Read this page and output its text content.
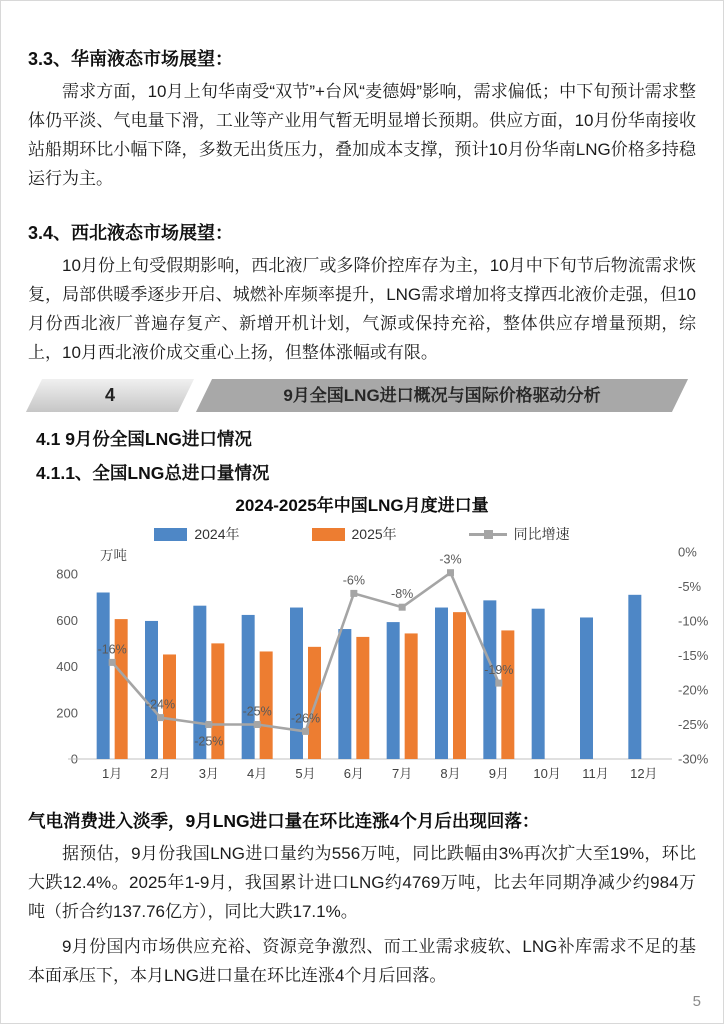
3.3、华南液态市场展望：

需求方面，10月上旬华南受“双节”+台风“麦德姆”影响，需求偏低；中下旬预计需求整体仍平淡、气电量下滑，工业等产业用气暂无明显增长预期。供应方面，10月份华南接收站船期环比小幅下降，多数无出货压力，叠加成本支撑，预计10月份华南LNG价格多持稳运行为主。

3.4、西北液态市场展望：

10月份上旬受假期影响，西北液厂或多降价控库存为主，10月中下旬节后物流需求恢复，局部供暖季逐步开启、城燃补库频率提升，LNG需求增加将支撑西北液价走强，但10月份西北液厂普遍存复产、新增开机计划，气源或保持充裕，整体供应存增量预期，综上，10月西北液价成交重心上扬，但整体涨幅或有限。

4	9月全国LNG进口概况与国际价格驱动分析
4.1 9月份全国LNG进口情况
4.1.1、全国LNG总进口量情况
2024-2025年中国LNG月度进口量
2024年	2025年	同比增速
万吨
800
600
400
200
0
0%
-5%
-10%
-15%
-20%
-25%
-30%
1月 2月 3月 4月 5月 6月 7月 8月 9月 10月 11月 12月
-16%
-24%
-25%
-25% -26%
-6%
-8%
-3%
-19%
气电消费进入淡季，9月LNG进口量在环比连涨4个月后出现回落：

据预估，9月份我国LNG进口量约为556万吨，同比跌幅由3%再次扩大至19%，环比大跌12.4%。2025年1-9月，我国累计进口LNG约4769万吨，比去年同期净减少约984万吨（折合约137.76亿方），同比大跌17.1%。

9月份国内市场供应充裕、资源竞争激烈、而工业需求疲软、LNG补库需求不足的基本面承压下，本月LNG进口量在环比连涨4个月后回落。

5
